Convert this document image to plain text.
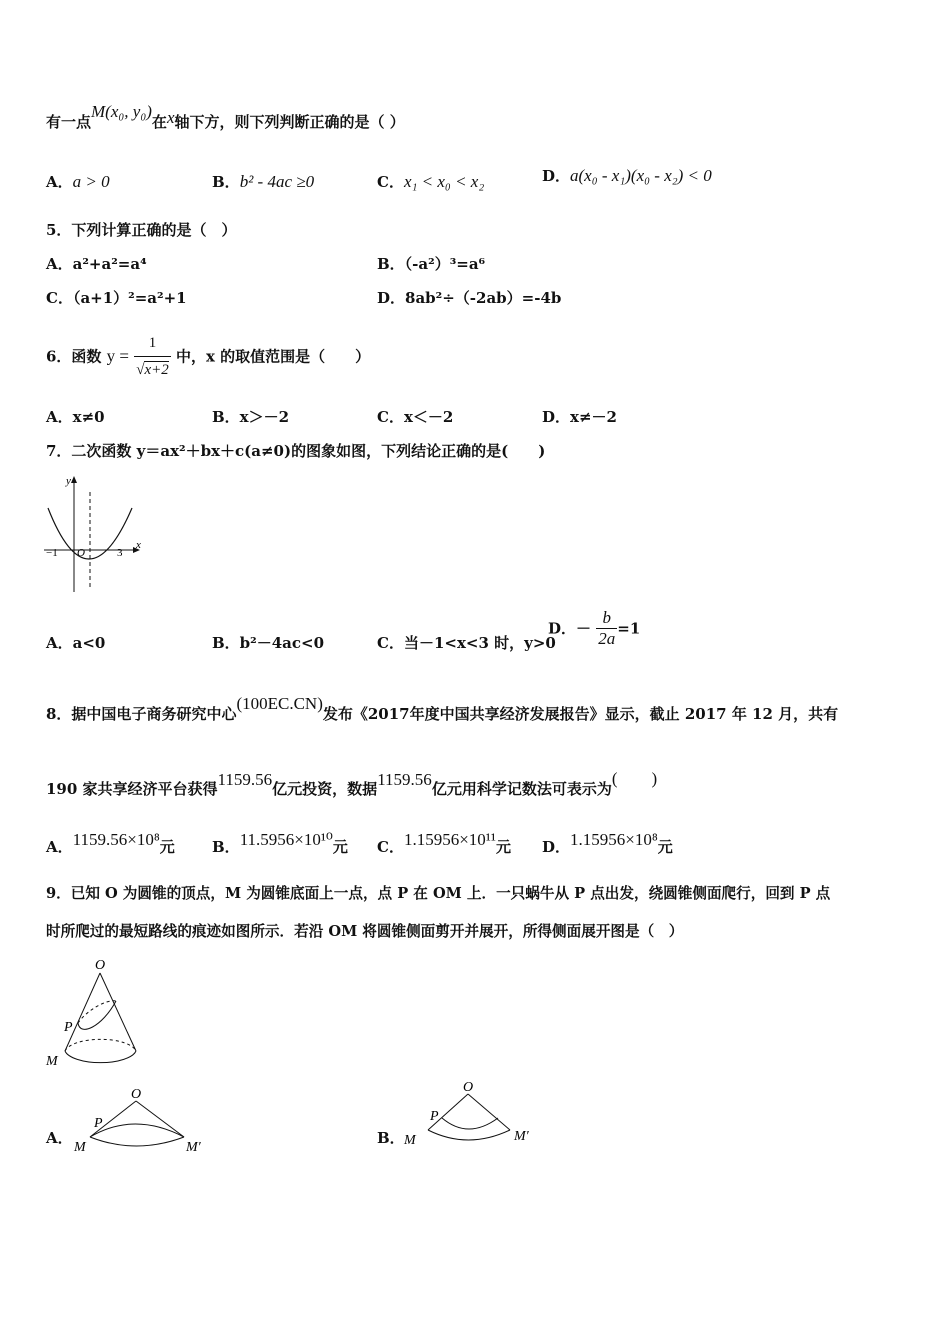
有一点M(x₀, y₀)在x轴下方，则下列判断正确的是（ ）
A．a > 0	B．b² - 4ac ≥0	C．x₁ < x₀ < x₂	D．a(x₀ - x₁)(x₀ - x₂) < 0
5．下列计算正确的是（　）
A．a²+a²=a⁴	B．（-a²）³=a⁶
C．（a+1）²=a²+1	D．8ab²÷（-2ab）=-4b
6．函数 $y = \frac{1}{√x+2}$ 中，x 的取值范围是（　　）
A．x≠0	B．x＞－2	C．x＜－2	D．x≠－2
7．二次函数 y＝ax²＋bx＋c(a≠0)的图象如图，下列结论正确的是(　　)
y
x
O
−1	3
A．a<0	B．b²－4ac<0	C．当－1<x<3 时，y>0
D．－ $\frac{b}{2a} =1$
8．据中国电子商务研究中心(100EC.CN)发布《2017年度中国共享经济发展报告》显示，截止 2017 年 12 月，共有
190 家共享经济平台获得1159.56亿元投资，数据1159.56亿元用科学记数法可表示为(　　)
A．1159.56×10⁸元 B．11.5956×10¹⁰元 C．1.15956×10¹¹元 D．1.15956×10⁸元
9．已知 O 为圆锥的顶点，M 为圆锥底面上一点，点 P 在 OM 上．一只蜗牛从 P 点出发，绕圆锥侧面爬行，回到 P 点
时所爬过的最短路线的痕迹如图所示．若沿 OM 将圆锥侧面剪开并展开，所得侧面展开图是（　）
O
P
M
A．
O
P
M	M′
B．
O
P
M	M′
